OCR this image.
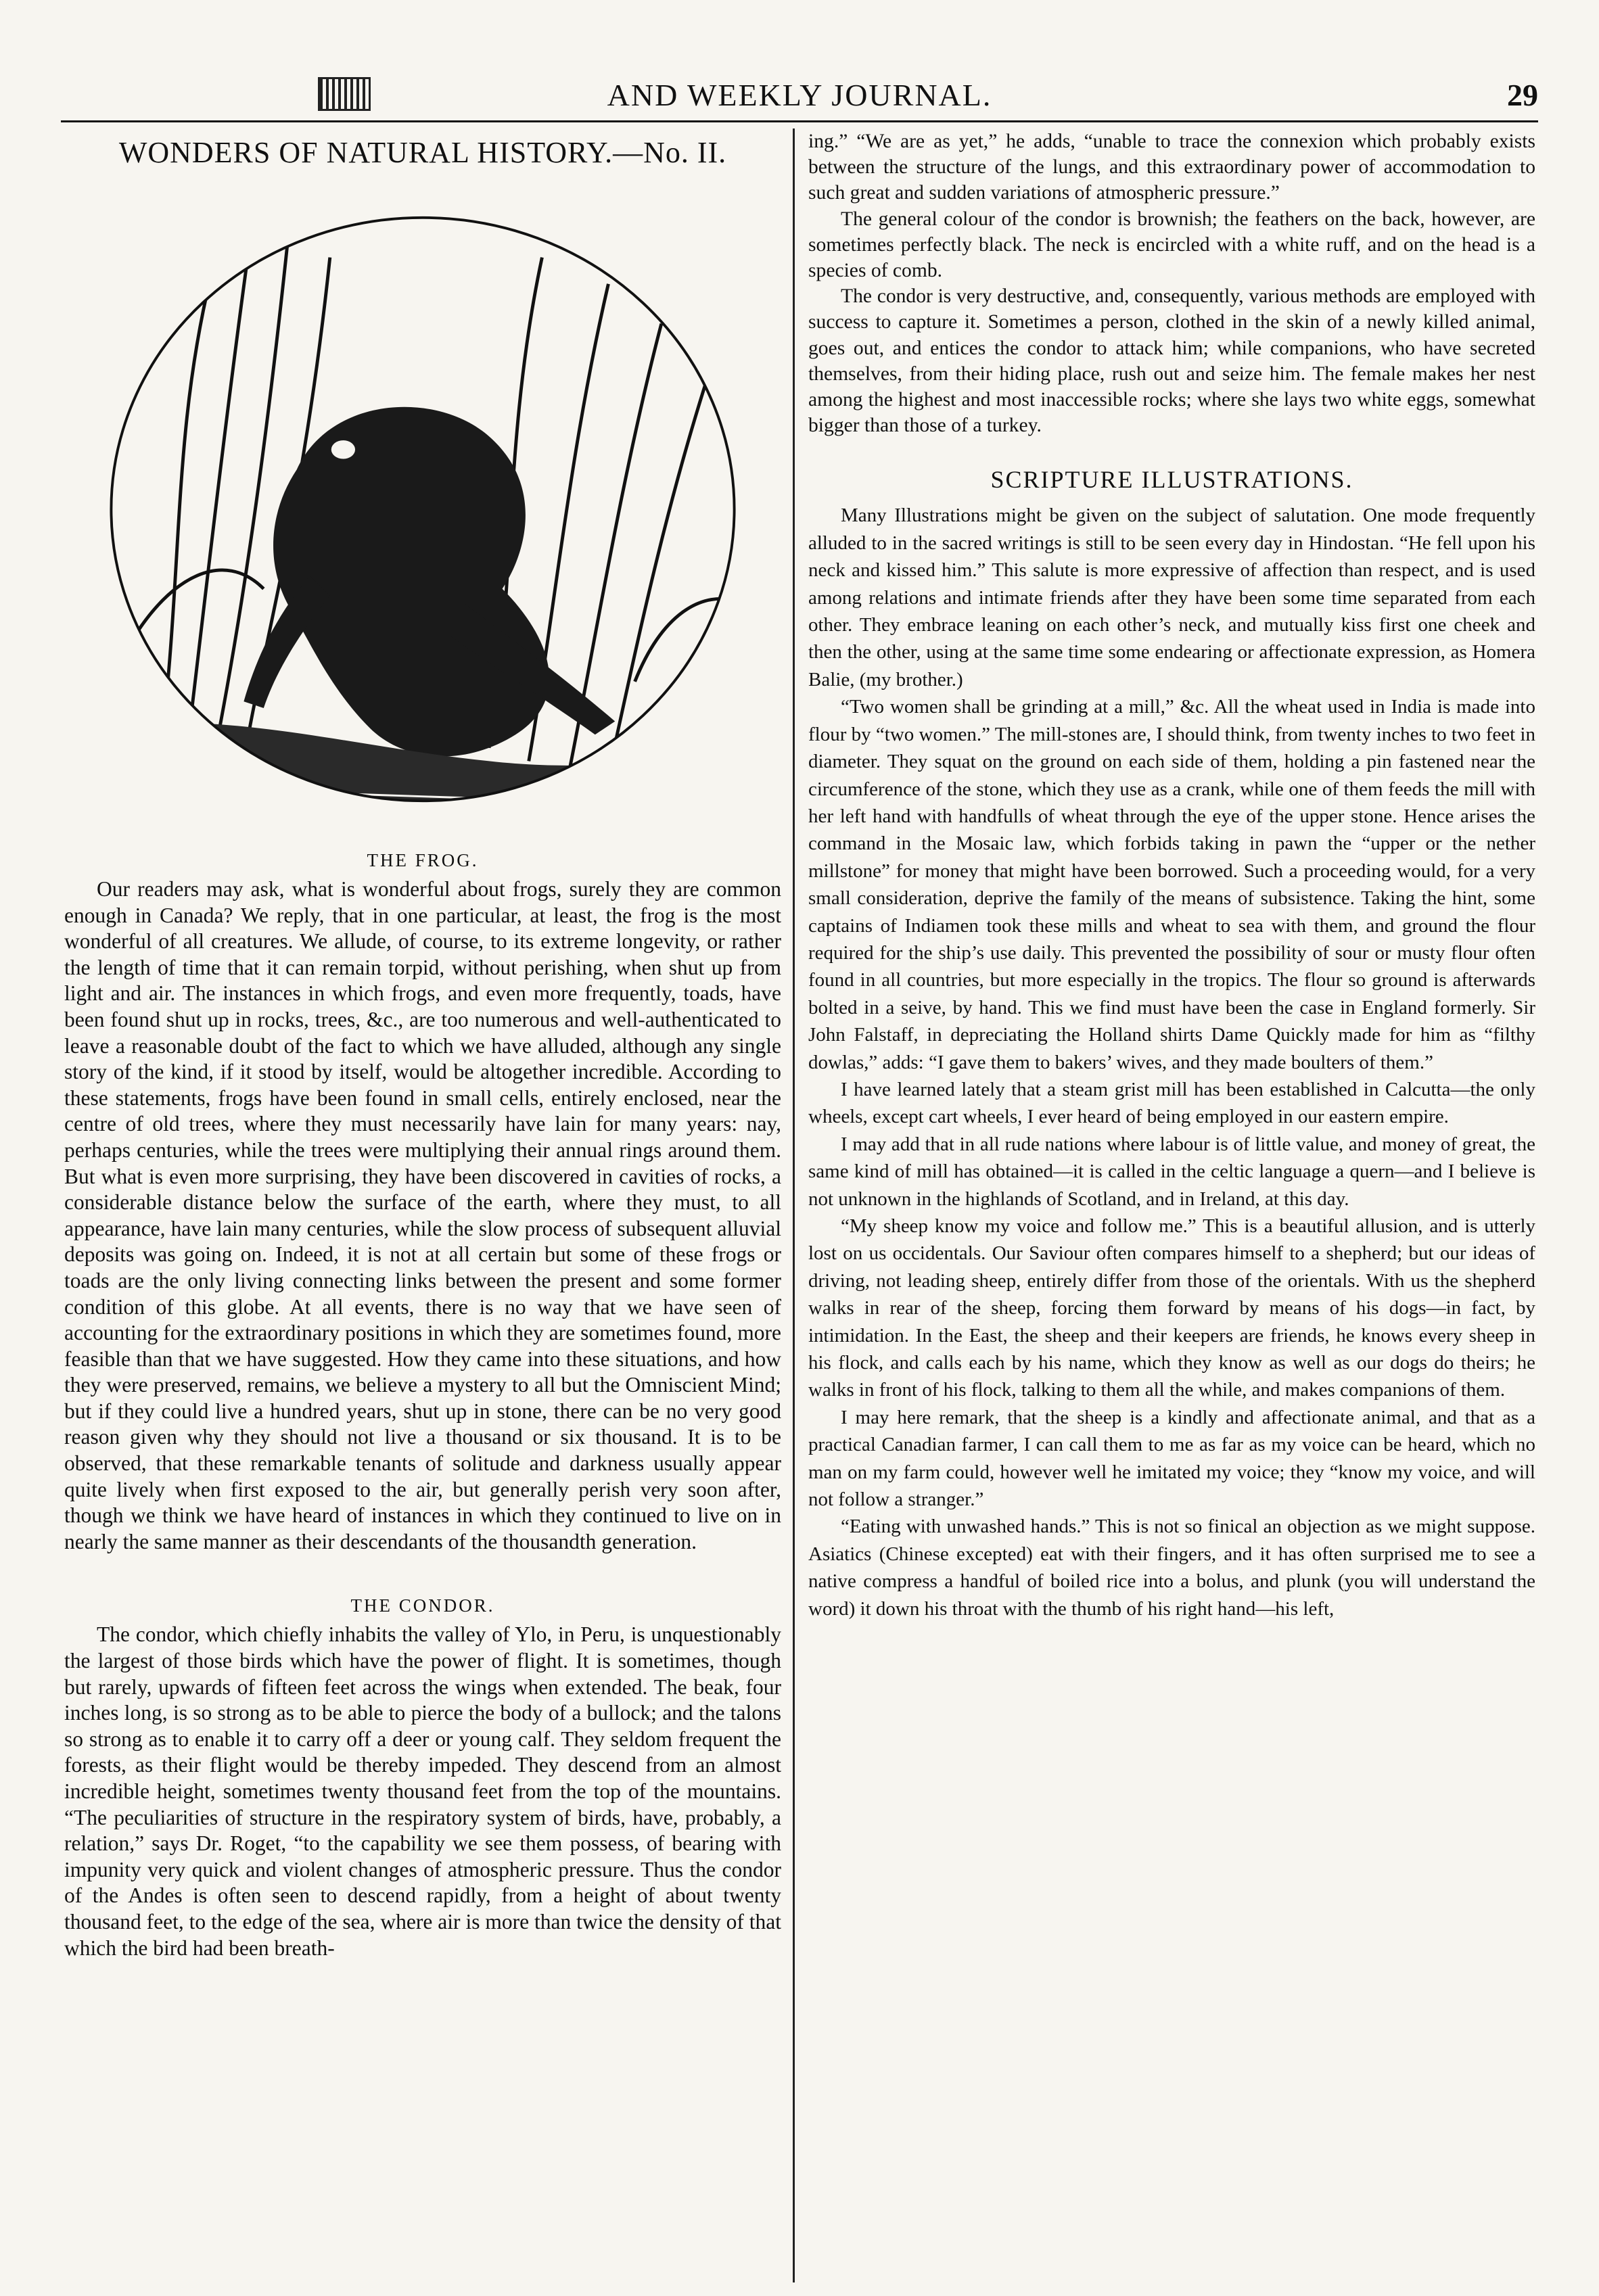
AND WEEKLY JOURNAL.	29
WONDERS OF NATURAL HISTORY.—No. II.
THE FROG.

Our readers may ask, what is wonderful about frogs, surely they are common enough in Canada? We reply, that in one particular, at least, the frog is the most wonderful of all creatures. We allude, of course, to its extreme longevity, or rather the length of time that it can remain torpid, without perishing, when shut up from light and air. The instances in which frogs, and even more frequently, toads, have been found shut up in rocks, trees, &c., are too numerous and well-authenticated to leave a reasonable doubt of the fact to which we have alluded, although any single story of the kind, if it stood by itself, would be altogether incredible. According to these statements, frogs have been found in small cells, entirely enclosed, near the centre of old trees, where they must necessarily have lain for many years: nay, perhaps centuries, while the trees were multiplying their annual rings around them. But what is even more surprising, they have been discovered in cavities of rocks, a considerable distance below the surface of the earth, where they must, to all appearance, have lain many centuries, while the slow process of subsequent alluvial deposits was going on. Indeed, it is not at all certain but some of these frogs or toads are the only living connecting links between the present and some former condition of this globe. At all events, there is no way that we have seen of accounting for the extraordinary positions in which they are sometimes found, more feasible than that we have suggested. How they came into these situations, and how they were preserved, remains, we believe a mystery to all but the Omniscient Mind; but if they could live a hundred years, shut up in stone, there can be no very good reason given why they should not live a thousand or six thousand. It is to be observed, that these remarkable tenants of solitude and darkness usually appear quite lively when first exposed to the air, but generally perish very soon after, though we think we have heard of instances in which they continued to live on in nearly the same manner as their descendants of the thousandth generation.

THE CONDOR.

The condor, which chiefly inhabits the valley of Ylo, in Peru, is unquestionably the largest of those birds which have the power of flight. It is sometimes, though but rarely, upwards of fifteen feet across the wings when extended. The beak, four inches long, is so strong as to be able to pierce the body of a bullock; and the talons so strong as to enable it to carry off a deer or young calf. They seldom frequent the forests, as their flight would be thereby impeded. They descend from an almost incredible height, sometimes twenty thousand feet from the top of the mountains. “The peculiarities of structure in the respiratory system of birds, have, probably, a relation,” says Dr. Roget, “to the capability we see them possess, of bearing with impunity very quick and violent changes of atmospheric pressure. Thus the condor of the Andes is often seen to descend rapidly, from a height of about twenty thousand feet, to the edge of the sea, where air is more than twice the density of that which the bird had been breath-

ing.” “We are as yet,” he adds, “unable to trace the connexion which probably exists between the structure of the lungs, and this extraordinary power of accommodation to such great and sudden variations of atmospheric pressure.”

The general colour of the condor is brownish; the feathers on the back, however, are sometimes perfectly black. The neck is encircled with a white ruff, and on the head is a species of comb.

The condor is very destructive, and, consequently, various methods are employed with success to capture it. Sometimes a person, clothed in the skin of a newly killed animal, goes out, and entices the condor to attack him; while companions, who have secreted themselves, from their hiding place, rush out and seize him. The female makes her nest among the highest and most inaccessible rocks; where she lays two white eggs, somewhat bigger than those of a turkey.

SCRIPTURE ILLUSTRATIONS.

Many Illustrations might be given on the subject of salutation. One mode frequently alluded to in the sacred writings is still to be seen every day in Hindostan. “He fell upon his neck and kissed him.” This salute is more expressive of affection than respect, and is used among relations and intimate friends after they have been some time separated from each other. They embrace leaning on each other’s neck, and mutually kiss first one cheek and then the other, using at the same time some endearing or affectionate expression, as Homera Balie, (my brother.)

“Two women shall be grinding at a mill,” &c. All the wheat used in India is made into flour by “two women.” The mill-stones are, I should think, from twenty inches to two feet in diameter. They squat on the ground on each side of them, holding a pin fastened near the circumference of the stone, which they use as a crank, while one of them feeds the mill with her left hand with handfulls of wheat through the eye of the upper stone. Hence arises the command in the Mosaic law, which forbids taking in pawn the “upper or the nether millstone” for money that might have been borrowed. Such a proceeding would, for a very small consideration, deprive the family of the means of subsistence. Taking the hint, some captains of Indiamen took these mills and wheat to sea with them, and ground the flour required for the ship’s use daily. This prevented the possibility of sour or musty flour often found in all countries, but more especially in the tropics. The flour so ground is afterwards bolted in a seive, by hand. This we find must have been the case in England formerly. Sir John Falstaff, in depreciating the Holland shirts Dame Quickly made for him as “filthy dowlas,” adds: “I gave them to bakers’ wives, and they made boulters of them.”

I have learned lately that a steam grist mill has been established in Calcutta—the only wheels, except cart wheels, I ever heard of being employed in our eastern empire.

I may add that in all rude nations where labour is of little value, and money of great, the same kind of mill has obtained—it is called in the celtic language a quern—and I believe is not unknown in the highlands of Scotland, and in Ireland, at this day.

“My sheep know my voice and follow me.” This is a beautiful allusion, and is utterly lost on us occidentals. Our Saviour often compares himself to a shepherd; but our ideas of driving, not leading sheep, entirely differ from those of the orientals. With us the shepherd walks in rear of the sheep, forcing them forward by means of his dogs—in fact, by intimidation. In the East, the sheep and their keepers are friends, he knows every sheep in his flock, and calls each by his name, which they know as well as our dogs do theirs; he walks in front of his flock, talking to them all the while, and makes companions of them.

I may here remark, that the sheep is a kindly and affectionate animal, and that as a practical Canadian farmer, I can call them to me as far as my voice can be heard, which no man on my farm could, however well he imitated my voice; they “know my voice, and will not follow a stranger.”

“Eating with unwashed hands.” This is not so finical an objection as we might suppose. Asiatics (Chinese excepted) eat with their fingers, and it has often surprised me to see a native compress a handful of boiled rice into a bolus, and plunk (you will understand the word) it down his throat with the thumb of his right hand—his left,
